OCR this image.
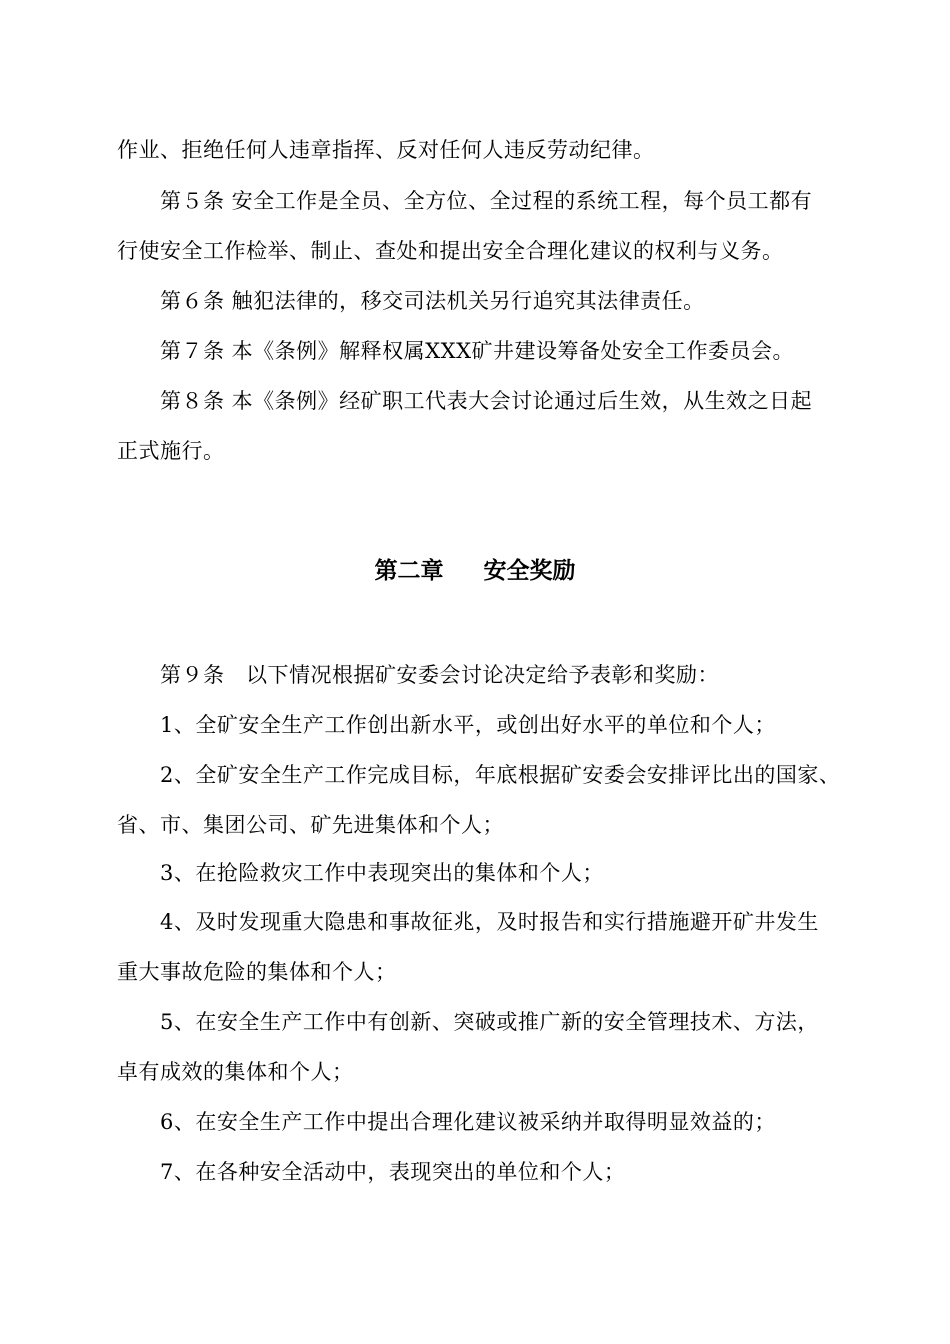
作业、拒绝任何人违章指挥、反对任何人违反劳动纪律。
第５条 安全工作是全员、全方位、全过程的系统工程，每个员工都有
行使安全工作检举、制止、查处和提出安全合理化建议的权利与义务。
第６条 触犯法律的，移交司法机关另行追究其法律责任。
第７条 本《条例》解释权属XXX矿井建设筹备处安全工作委员会。
第８条 本《条例》经矿职工代表大会讨论通过后生效，从生效之日起
正式施行。
第二章 安全奖励
第９条　以下情况根据矿安委会讨论决定给予表彰和奖励：
1、全矿安全生产工作创出新水平，或创出好水平的单位和个人；
2、全矿安全生产工作完成目标，年底根据矿安委会安排评比出的国家、
省、市、集团公司、矿先进集体和个人；
3、在抢险救灾工作中表现突出的集体和个人；
4、及时发现重大隐患和事故征兆，及时报告和实行措施避开矿井发生
重大事故危险的集体和个人；
5、在安全生产工作中有创新、突破或推广新的安全管理技术、方法，
卓有成效的集体和个人；
6、在安全生产工作中提出合理化建议被采纳并取得明显效益的；
7、在各种安全活动中，表现突出的单位和个人；
